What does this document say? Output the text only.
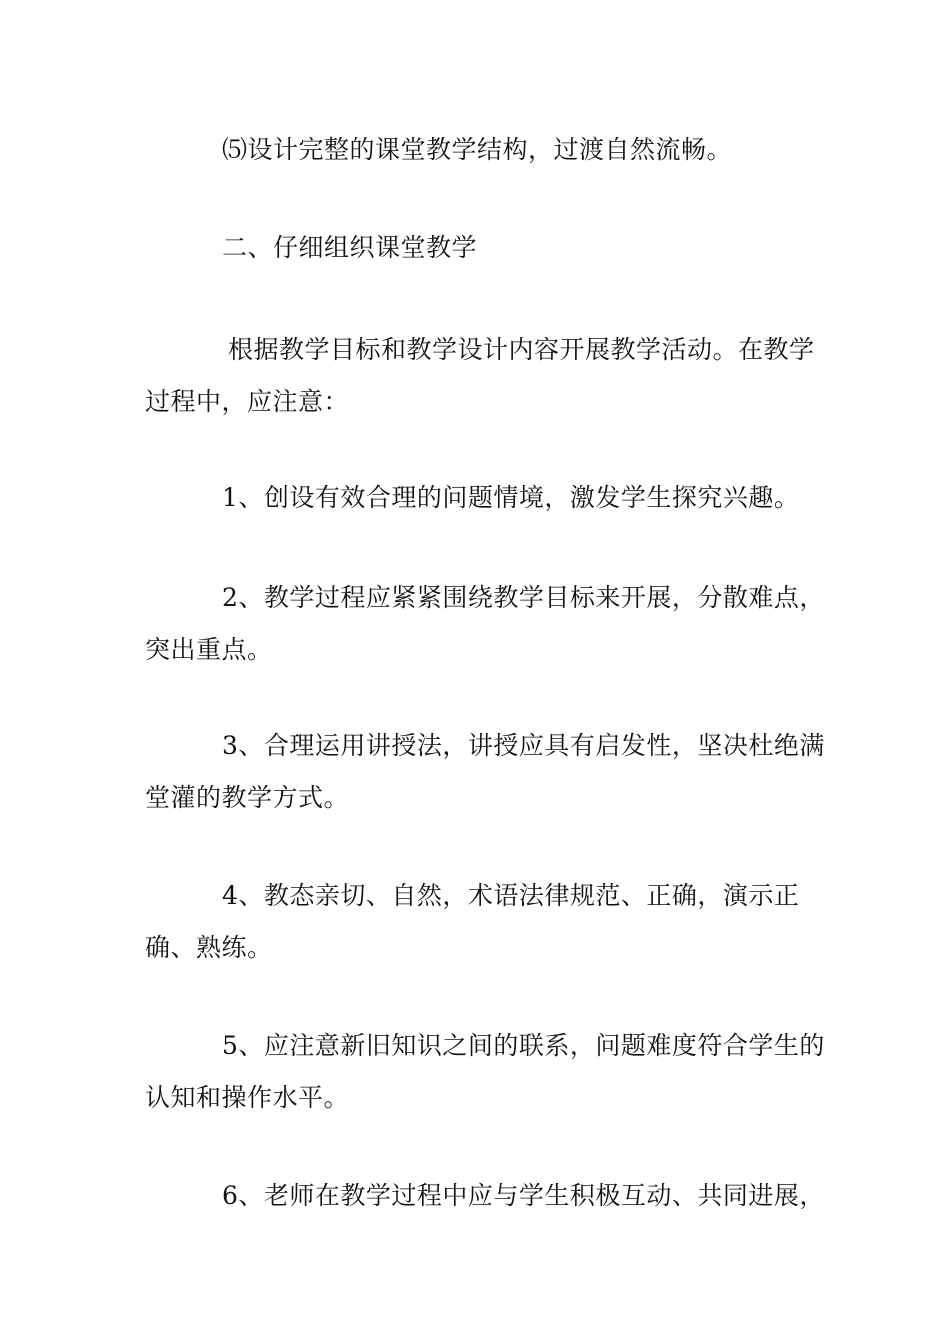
⑸设计完整的课堂教学结构，过渡自然流畅。

二、仔细组织课堂教学

根据教学目标和教学设计内容开展教学活动。在教学过程中，应注意：

1、创设有效合理的问题情境，激发学生探究兴趣。

2、教学过程应紧紧围绕教学目标来开展，分散难点，突出重点。

3、合理运用讲授法，讲授应具有启发性，坚决杜绝满堂灌的教学方式。

4、教态亲切、自然，术语法律规范、正确，演示正确、熟练。

5、应注意新旧知识之间的联系，问题难度符合学生的认知和操作水平。

6、老师在教学过程中应与学生积极互动、共同进展，
